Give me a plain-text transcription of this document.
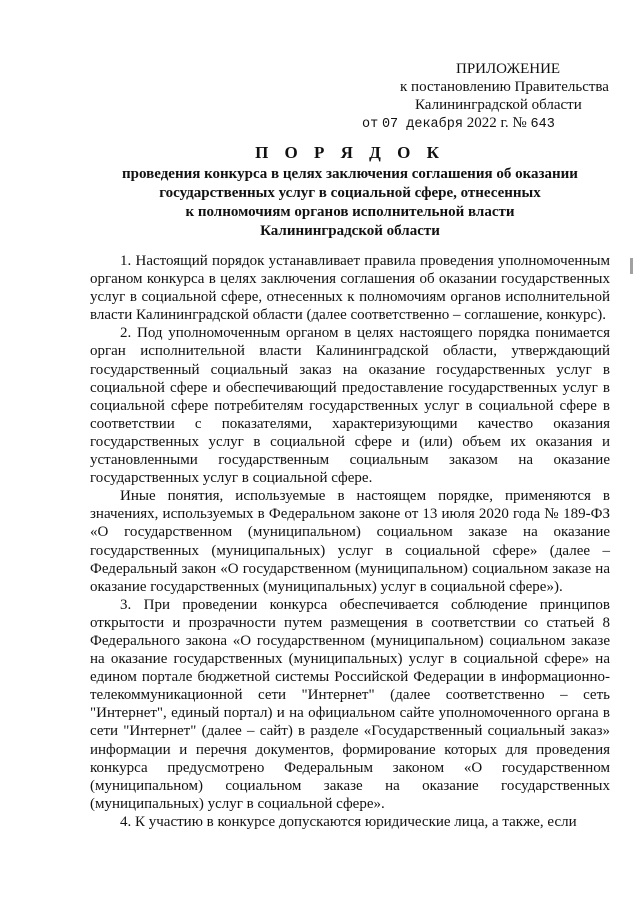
ПРИЛОЖЕНИЕ
к постановлению Правительства
Калининградской области
от 07 декабря 2022 г. № 643
П О Р Я Д О К
проведения конкурса в целях заключения соглашения об оказании
государственных услуг в социальной сфере, отнесенных
к полномочиям органов исполнительной власти
Калининградской области

1. Настоящий порядок устанавливает правила проведения уполномоченным органом конкурса в целях заключения соглашения об оказании государственных услуг в социальной сфере, отнесенных к полномочиям органов исполнительной власти Калининградской области (далее соответственно – соглашение, конкурс).

2. Под уполномоченным органом в целях настоящего порядка понимается орган исполнительной власти Калининградской области, утверждающий государственный социальный заказ на оказание государственных услуг в социальной сфере и обеспечивающий предоставление государственных услуг в социальной сфере потребителям государственных услуг в социальной сфере в соответствии с показателями, характеризующими качество оказания государственных услуг в социальной сфере и (или) объем их оказания и установленными государственным социальным заказом на оказание государственных услуг в социальной сфере.

Иные понятия, используемые в настоящем порядке, применяются в значениях, используемых в Федеральном законе от 13 июля 2020 года № 189-ФЗ «О государственном (муниципальном) социальном заказе на оказание государственных (муниципальных) услуг в социальной сфере» (далее – Федеральный закон «О государственном (муниципальном) социальном заказе на оказание государственных (муниципальных) услуг в социальной сфере»).

3. При проведении конкурса обеспечивается соблюдение принципов открытости и прозрачности путем размещения в соответствии со статьей 8 Федерального закона «О государственном (муниципальном) социальном заказе на оказание государственных (муниципальных) услуг в социальной сфере» на едином портале бюджетной системы Российской Федерации в информационно-телекоммуникационной сети "Интернет" (далее соответственно – сеть "Интернет", единый портал) и на официальном сайте уполномоченного органа в сети "Интернет" (далее – сайт) в разделе «Государственный социальный заказ» информации и перечня документов, формирование которых для проведения конкурса предусмотрено Федеральным законом «О государственном (муниципальном) социальном заказе на оказание государственных (муниципальных) услуг в социальной сфере».

4. К участию в конкурсе допускаются юридические лица, а также, если
